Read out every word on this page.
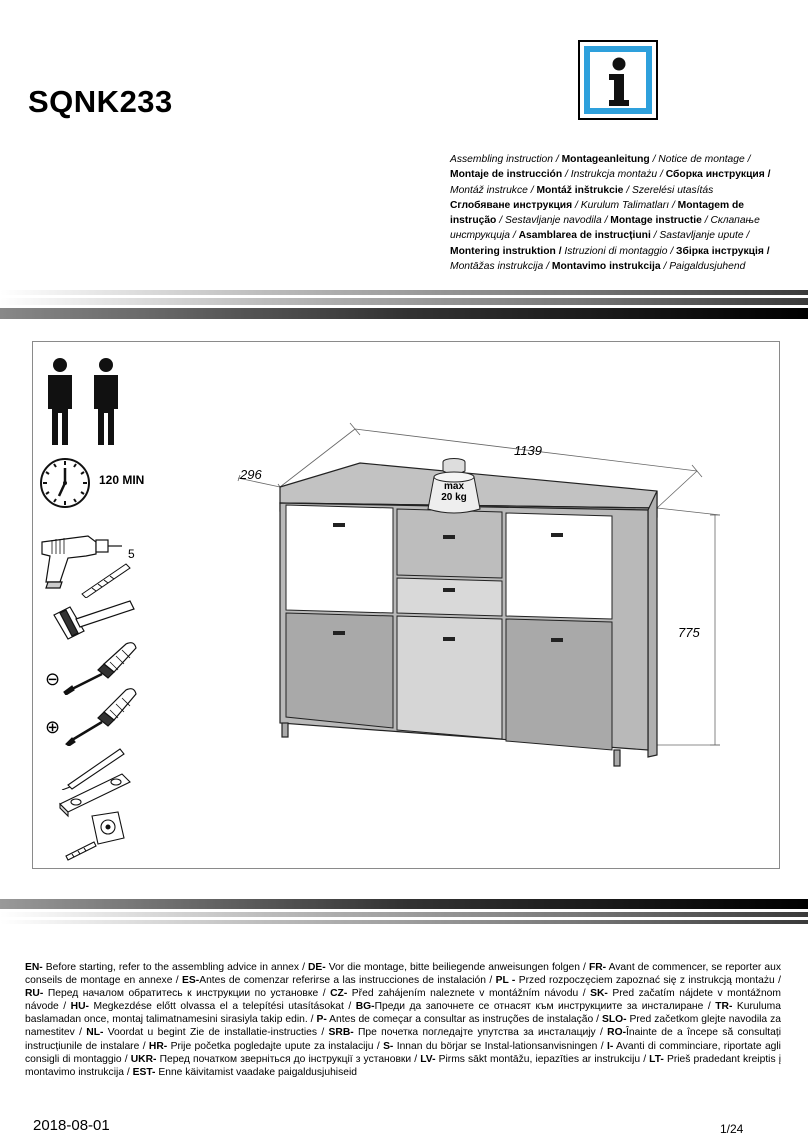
SQNK233
Assembling instruction / Montageanleitung / Notice de montage /
Montaje de instrucción / Instrukcja montażu / Сборка инструкция /
Montáž instrukce / Montáž inštrukcie / Szerelési utasítás
Сглобяване инструкция / Kurulum Talimatları / Montagem de
instrução / Sestavljanje navodila / Montage instructie / Склапање
инструкција / Asamblarea de instrucțiuni / Sastavljanje upute /
Montering instruktion / Istruzioni di montaggio / Збірка інструкція /
Montāžas instrukcija / Montavimo instrukcija / Paigaldusjuhend
120 MIN
5
⊖
⊕
1139
296
775
max
20 kg
EN- Before starting, refer to the assembling advice in annex / DE- Vor die montage, bitte beiliegende anweisungen folgen / FR- Avant de commencer, se reporter aux conseils de montage en annexe / ES-Antes de comenzar referirse a las instrucciones de instalación / PL - Przed rozpoczęciem zapoznać się z instrukcją montażu / RU- Перед началом обратитесь к инструкции по установке / CZ- Před zahájením naleznete v montážním návodu / SK- Pred začatím nájdete v montážnom návode / HU- Megkezdése előtt olvassa el a telepítési utasításokat / BG-Преди да започнете се отнасят към инструкциите за инсталиране / TR- Kuruluma baslamadan once, montaj talimatnamesini sirasiyla takip edin. / P- Antes de começar a consultar as instruções de instalação / SLO- Pred začetkom glejte navodila za namestitev / NL- Voordat u begint Zie de installatie-instructies / SRB- Пре почетка погледајте упутства за инсталацију / RO-Înainte de a începe să consultați instrucțiunile de instalare / HR- Prije početka pogledajte upute za instalaciju / S- Innan du börjar se Instal-lationsanvisningen / I- Avanti di comminciare, riportate agli consigli di montaggio / UKR- Перед початком зверніться до інструкції з установки / LV- Pirms sākt montāžu, iepazīties ar instrukciju / LT- Prieš pradedant kreiptis į montavimo instrukcija / EST- Enne käivitamist vaadake paigaldusjuhiseid
2018-08-01	1/24
